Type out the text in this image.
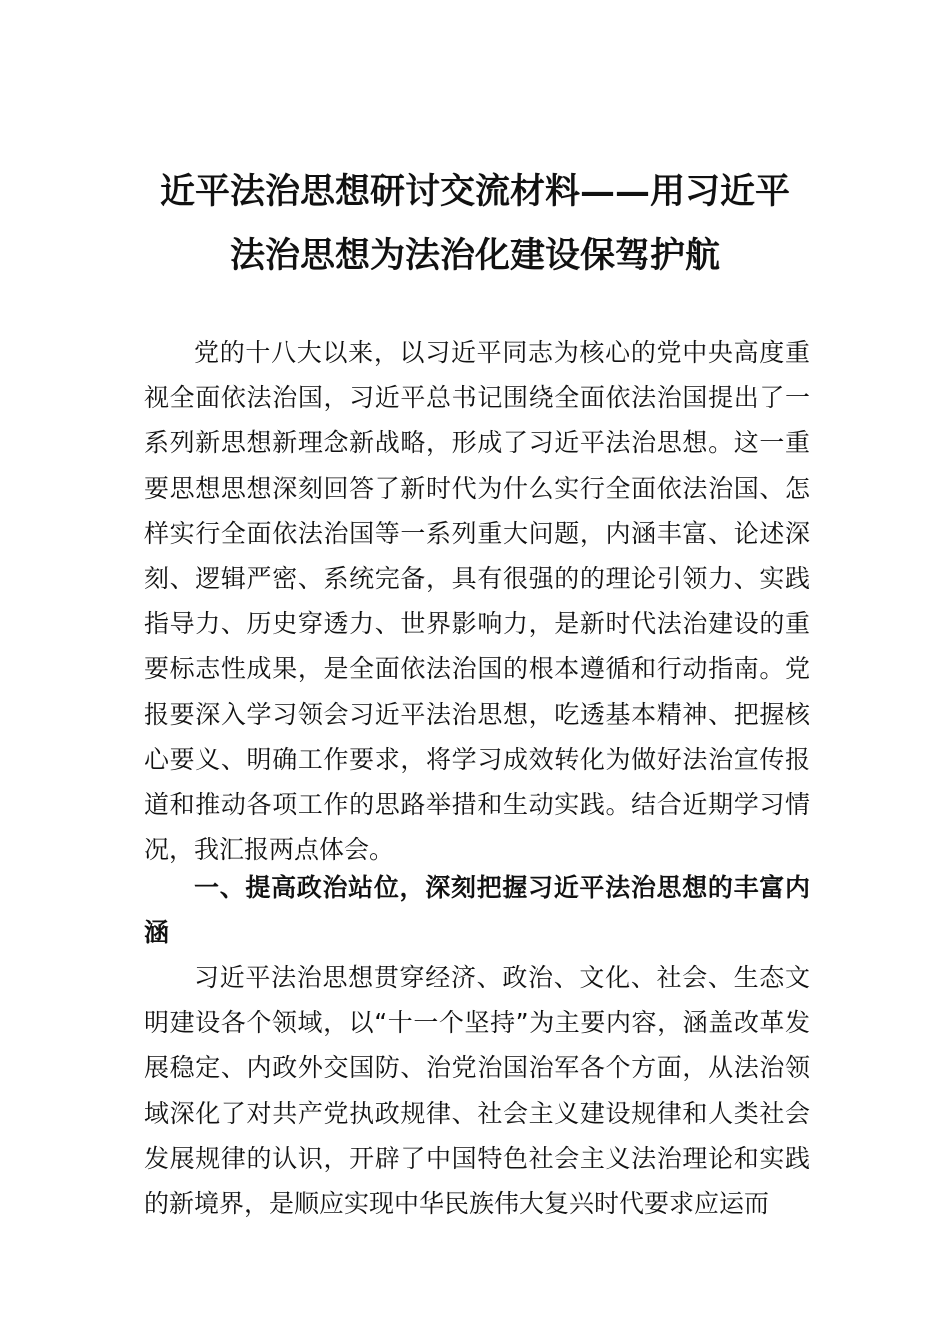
近平法治思想研讨交流材料——用习近平
法治思想为法治化建设保驾护航

党的十八大以来，以习近平同志为核心的党中央高度重视全面依法治国，习近平总书记围绕全面依法治国提出了一系列新思想新理念新战略，形成了习近平法治思想。这一重要思想思想深刻回答了新时代为什么实行全面依法治国、怎样实行全面依法治国等一系列重大问题，内涵丰富、论述深刻、逻辑严密、系统完备，具有很强的的理论引领力、实践指导力、历史穿透力、世界影响力，是新时代法治建设的重要标志性成果，是全面依法治国的根本遵循和行动指南。党报要深入学习领会习近平法治思想，吃透基本精神、把握核心要义、明确工作要求，将学习成效转化为做好法治宣传报道和推动各项工作的思路举措和生动实践。结合近期学习情况，我汇报两点体会。

一、提高政治站位，深刻把握习近平法治思想的丰富内涵

习近平法治思想贯穿经济、政治、文化、社会、生态文明建设各个领域，以“十一个坚持”为主要内容，涵盖改革发展稳定、内政外交国防、治党治国治军各个方面，从法治领域深化了对共产党执政规律、社会主义建设规律和人类社会发展规律的认识，开辟了中国特色社会主义法治理论和实践的新境界，是顺应实现中华民族伟大复兴时代要求应运而
